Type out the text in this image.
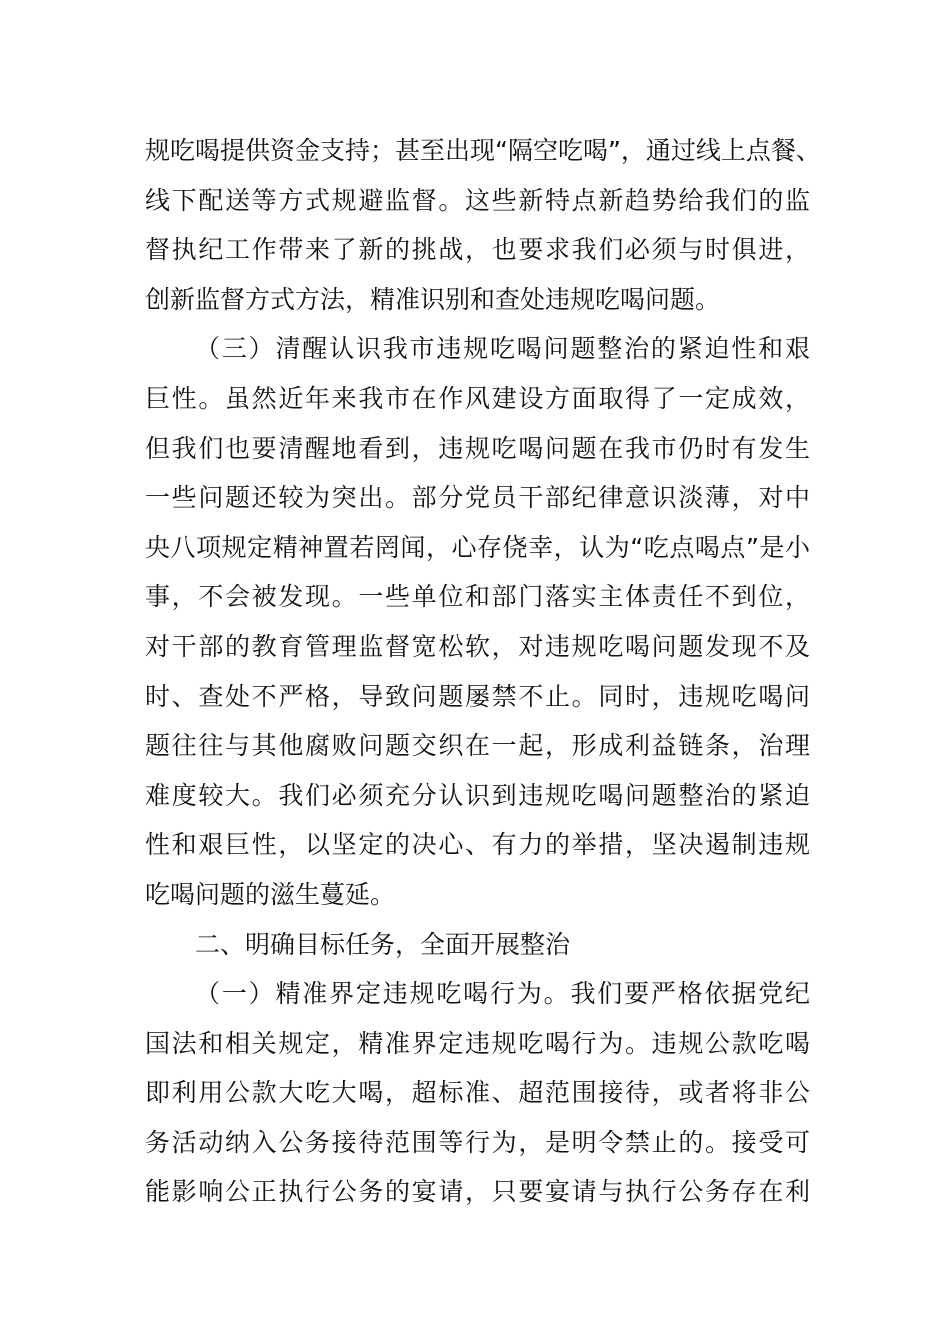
规吃喝提供资金支持；甚至出现“隔空吃喝”，通过线上点餐、
线下配送等方式规避监督。这些新特点新趋势给我们的监
督执纪工作带来了新的挑战，也要求我们必须与时俱进，
创新监督方式方法，精准识别和查处违规吃喝问题。
（三）清醒认识我市违规吃喝问题整治的紧迫性和艰
巨性。虽然近年来我市在作风建设方面取得了一定成效，
但我们也要清醒地看到，违规吃喝问题在我市仍时有发生
一些问题还较为突出。部分党员干部纪律意识淡薄，对中
央八项规定精神置若罔闻，心存侥幸，认为“吃点喝点”是小
事，不会被发现。一些单位和部门落实主体责任不到位，
对干部的教育管理监督宽松软，对违规吃喝问题发现不及
时、查处不严格，导致问题屡禁不止。同时，违规吃喝问
题往往与其他腐败问题交织在一起，形成利益链条，治理
难度较大。我们必须充分认识到违规吃喝问题整治的紧迫
性和艰巨性，以坚定的决心、有力的举措，坚决遏制违规
吃喝问题的滋生蔓延。
二、明确目标任务，全面开展整治
（一）精准界定违规吃喝行为。我们要严格依据党纪
国法和相关规定，精准界定违规吃喝行为。违规公款吃喝
即利用公款大吃大喝，超标准、超范围接待，或者将非公
务活动纳入公务接待范围等行为，是明令禁止的。接受可
能影响公正执行公务的宴请，只要宴请与执行公务存在利
